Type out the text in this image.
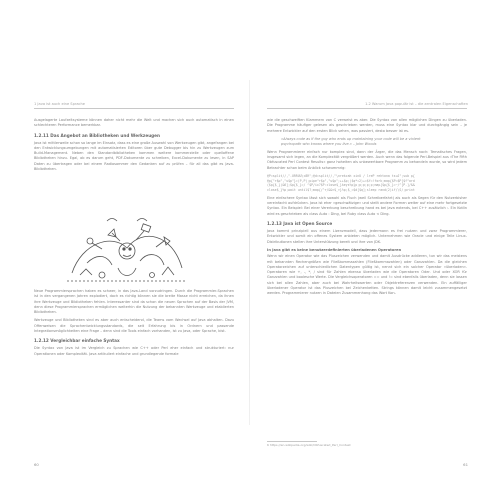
1 Java ist auch eine Sprache

Ausgelagerte Laufzeitsysteme können daher nicht mehr die Welt und machen sich auch automatisch in einen schlechteren Performance bemerkbar.

1.2.11 Das Angebot an Bibliotheken und Werkzeugen

Java ist mittlerweile schon so lange im Einsatz, dass es eine große Auswahl von Werkzeugen gibt, angefangen bei den Entwicklungsumgebungen mit automatisierten Editoren über gute Debugger bis hin zu Werkzeugen zum Build-Management. Neben den Standardbibliotheken kommen weitere kommerzielle oder quelloffene Bibliotheken hinzu. Egal, ob es darum geht, PDF-Dokumente zu schreiben, Excel-Dokumente zu lesen, in SAP Daten zu übertragen oder bei einem Radiosommer den Gedanken auf zu prüfen – für all das gibt es Java-Bibliotheken.

Neue Programmiersprachen haben es schwer, in das Java-Land vorzudringen. Durch die Programmier-Sprachen ist in den vergangenen Jahren explodiert, doch es richtig können sie die breite Masse nicht erreichen, da ihnen ihre Werkzeuge und Bibliotheken fehlen. Interessanter sind da schon die neuen Sprachen auf der Basis der JVM, denn diese Programmiersprachen ermöglichen weiterhin die Nutzung der bekannten Werkzeuge und etablierten Bibliotheken.

Werkzeuge und Bibliotheken sind es aber auch entscheidend, die Teams vom Wechsel auf Java abhalten. Dazu Offenweisen die Sprachentwicklungsstandards, die seit Erfahrung bis in Ordnern und passende Integrationsmöglichkeiten eine Frage – denn sind die Tools einfach vorhanden, ist zu Java, oder Sprache, bist.

1.2.12 Vergleichbar einfache Syntax

Die Syntax von Java ist im Vergleich zu Sprachen wie C++ oder Perl eher einfach und strukturiert: nur Operationen oder Komplexität. Java artikuliert einfache und grundlegende formale

60
1.2 Warum Java populär ist – die zentralen Eigenschaften

wie die geschweiften Klammern von C verweist es aber. Die Syntax von allen möglichen Dingen zu überladen. Die Programme häufiger gelesen als geschrieben werden, muss eine Syntax klar und durchgängig sein – je mehrere Entwickler auf den ersten Blick sehen, was passiert, desto besser ist es.

»Always code as if the guy who ends up maintaining your code will be a violent psychopath who knows where you live.« – John Woods

Wenn Programmierer einfach nur komplex sind, dann der Ärger, die das Mensch noch: Tematisches Fragen, insgesamt sich legen, an die Komplexität vergrößert werden. Auch wenn das folgende Perl-Beispiel aus »The Fifth Obfuscated Perl Contest Results« ganz hoheiten als unbewertbare Programm zu behandeln wurde, so wird jedem Betrachter schon beim Anblick schwummrig:

@P=split//,".URRUU\c8R";@d=split//,"\nrekcah xinU / lreP rehtona tsuJ";sub p{
@p{"r$p","u$p"}=(P,P);pipe"r$p","u$p";++$p;($q*=2)+=$f=!fork;map{$P=$P[$f^ord
($p{$_})&6];$p{$_}=/ ^$P/ix?$P:close$_}keys%p}p;p;p;p;p;map{$p{$_}=~/^[P.]/&&
close$_}%p;wait until$?;map{/^r/&&<$_>}%p;$_=$d[$q];sleep rand(2)if/\S/;print

Eine einfachere Syntax lässt sich sowohl als Fluch (weil Schreiberfahrt) als auch als Segen für den Nutzerbisher vereinfacht aufdrücken. Java ist eher »geschwätzige« und stellt andere Formen weiter auf eine mehr fortgesetzte Syntax. Ein Beispiel: Bei einer Vererbung beschreibung hand es bei Java extends, bei C++ zusätzlich :. Ein Kotlin wird es geschrieben als class Auto : Ding, bei Ruby class Auto < Ding.

1.2.13 Java ist Open Source

Java kommt prinzipiell aus einem Lizenzmodell, dass jedermann es frei nutzen und zwar Programmierer, Entwickler und somit ein offenes System anbieten möglich. Unternehmen wie Oracle und einige Teile Linux-Distributionen stellen ihre Unterstützung bereit und ihre von JDK.

In Java gibt es keine benutzerdefinierten überladenen Operatoren

Wenn wir einen Operator wie das Pluszeichen verwenden und damit Ausdrücke addieren, tun wir das meistens mit bekannten Rechengrößen wie Fließkommazahlen (Fließkommazahlen) oder Ganzzahlen. Da die gleichen Operatorzeichen auf unterschiedlichen Datentypen gültig ist, nennt sich ein solcher Operator »überladen«. Operatoren wie +, -, *, / sind für Zahlen ebenso überladen wie die Operatoren Oder. Und oder XOR für Ganzzahlen und boolesche Werte. Die Vergleichsoperatoren == und != sind ebenfalls überladen, denn sie lassen sich bei allen Zahlen, aber auch bei Wahrheitswerten oder Objektreferenzen verwenden. Ein auffälliger überladener Operator ist das Pluszeichen bei Zeichenketten. Strings können damit leicht zusammengesetzt werden. Programmierer nutzen in Dateien Zusammenhang das Wort Kon-

6 https://en.wikipedia.org/wiki/Obfuscated_Perl_Contest
61
